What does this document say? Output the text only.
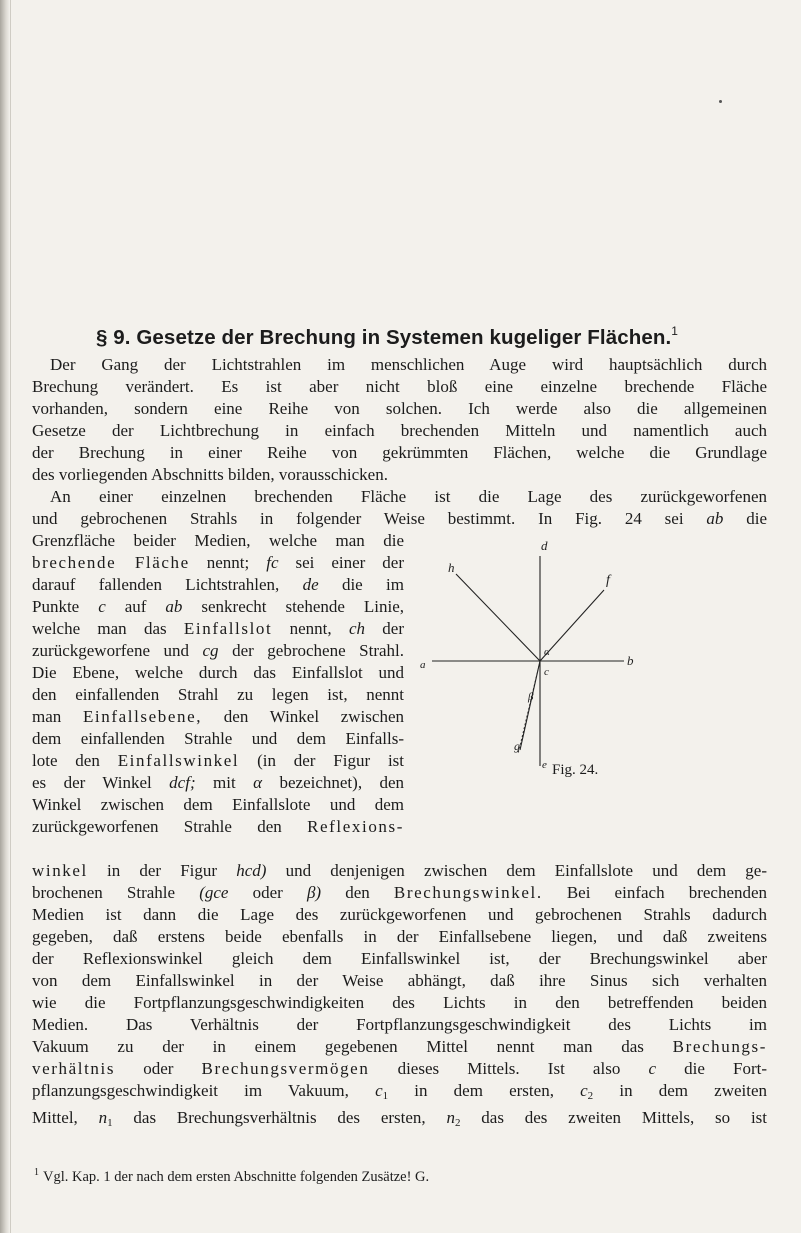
§ 9. Gesetze der Brechung in Systemen kugeliger Flächen.$^1$
Der Gang der Lichtstrahlen im menschlichen Auge wird hauptsächlich durch
Brechung verändert. Es ist aber nicht bloß eine einzelne brechende Fläche
vorhanden, sondern eine Reihe von solchen. Ich werde also die allgemeinen
Gesetze der Lichtbrechung in einfach brechenden Mitteln und namentlich auch
der Brechung in einer Reihe von gekrümmten Flächen, welche die Grundlage
des vorliegenden Abschnitts bilden, vorausschicken.
An einer einzelnen brechenden Fläche ist die Lage des zurückgeworfenen
und gebrochenen Strahls in folgender Weise bestimmt. In Fig. 24 sei ab die
Grenzfläche beider Medien, welche man die
brechende Fläche nennt; fc sei einer der
darauf fallenden Lichtstrahlen, de die im
Punkte c auf ab senkrecht stehende Linie,
welche man das Einfallslot nennt, ch der
zurückgeworfene und cg der gebrochene Strahl.
Die Ebene, welche durch das Einfallslot und
den einfallenden Strahl zu legen ist, nennt
man Einfallsebene, den Winkel zwischen
dem einfallenden Strahle und dem Einfalls-
lote den Einfallswinkel (in der Figur ist
es der Winkel dcf; mit α bezeichnet), den
Winkel zwischen dem Einfallslote und dem
zurückgeworfenen Strahle den Reflexions-
d
h
f
a	b
α
c
β
g
e Fig. 24.
winkel in der Figur hcd) und denjenigen zwischen dem Einfallslote und dem ge-
brochenen Strahle (gce oder β) den Brechungswinkel. Bei einfach brechenden
Medien ist dann die Lage des zurückgeworfenen und gebrochenen Strahls dadurch
gegeben, daß erstens beide ebenfalls in der Einfallsebene liegen, und daß zweitens
der Reflexionswinkel gleich dem Einfallswinkel ist, der Brechungswinkel aber
von dem Einfallswinkel in der Weise abhängt, daß ihre Sinus sich verhalten
wie die Fortpflanzungsgeschwindigkeiten des Lichts in den betreffenden beiden
Medien. Das Verhältnis der Fortpflanzungsgeschwindigkeit des Lichts im
Vakuum zu der in einem gegebenen Mittel nennt man das Brechungs-
verhältnis oder Brechungsvermögen dieses Mittels. Ist also c die Fort-
pflanzungsgeschwindigkeit im Vakuum, $c_1$ in dem ersten, $c_2$ in dem zweiten
Mittel, $n_1$ das Brechungsverhältnis des ersten, $n_2$ das des zweiten Mittels, so ist
$^1$ Vgl. Kap. 1 der nach dem ersten Abschnitte folgenden Zusätze! G.
